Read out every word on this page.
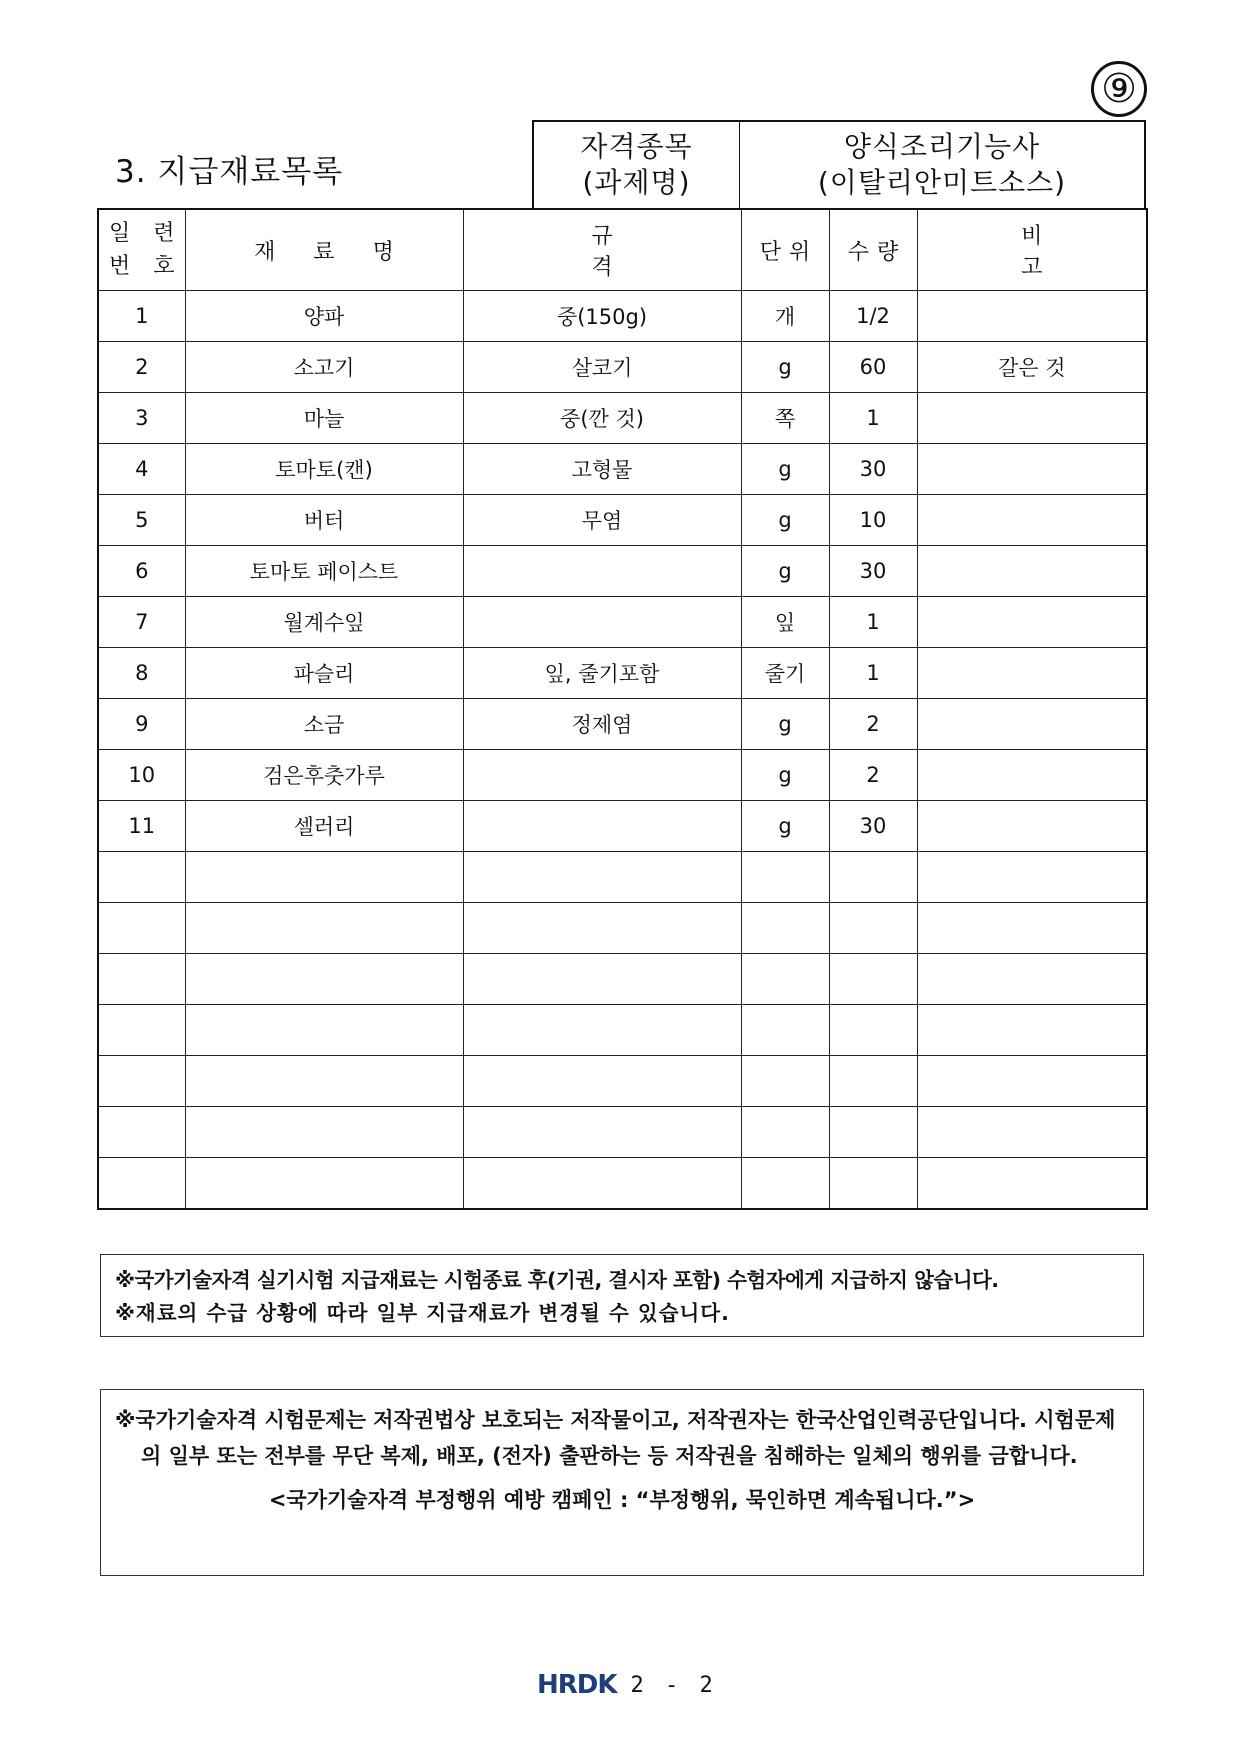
⑨
3. 지급재료목록
자격종목
(과제명)
양식조리기능사
(이탈리안미트소스)
일 련
번 호	재료명	규격	단위	수량	비고
1	양파	중(150g)	개	1/2	
2	소고기	살코기	g	60	갈은 것
3	마늘	중(깐 것)	쪽	1	
4	토마토(캔)	고형물	g	30	
5	버터	무염	g	10	
6	토마토 페이스트		g	30	
7	월계수잎		잎	1	
8	파슬리	잎, 줄기포함	줄기	1	
9	소금	정제염	g	2	
10	검은후춧가루		g	2	
11	셀러리		g	30	

※국가기술자격 실기시험 지급재료는 시험종료 후(기권, 결시자 포함) 수험자에게 지급하지 않습니다.
※재료의 수급 상황에 따라 일부 지급재료가 변경될 수 있습니다.

※국가기술자격 시험문제는 저작권법상 보호되는 저작물이고, 저작권자는 한국산업인력공단입니다. 시험문제의 일부 또는 전부를 무단 복제, 배포, (전자) 출판하는 등 저작권을 침해하는 일체의 행위를 금합니다.

<국가기술자격 부정행위 예방 캠페인 : “부정행위, 묵인하면 계속됩니다.”>

HRDK 2 - 2
